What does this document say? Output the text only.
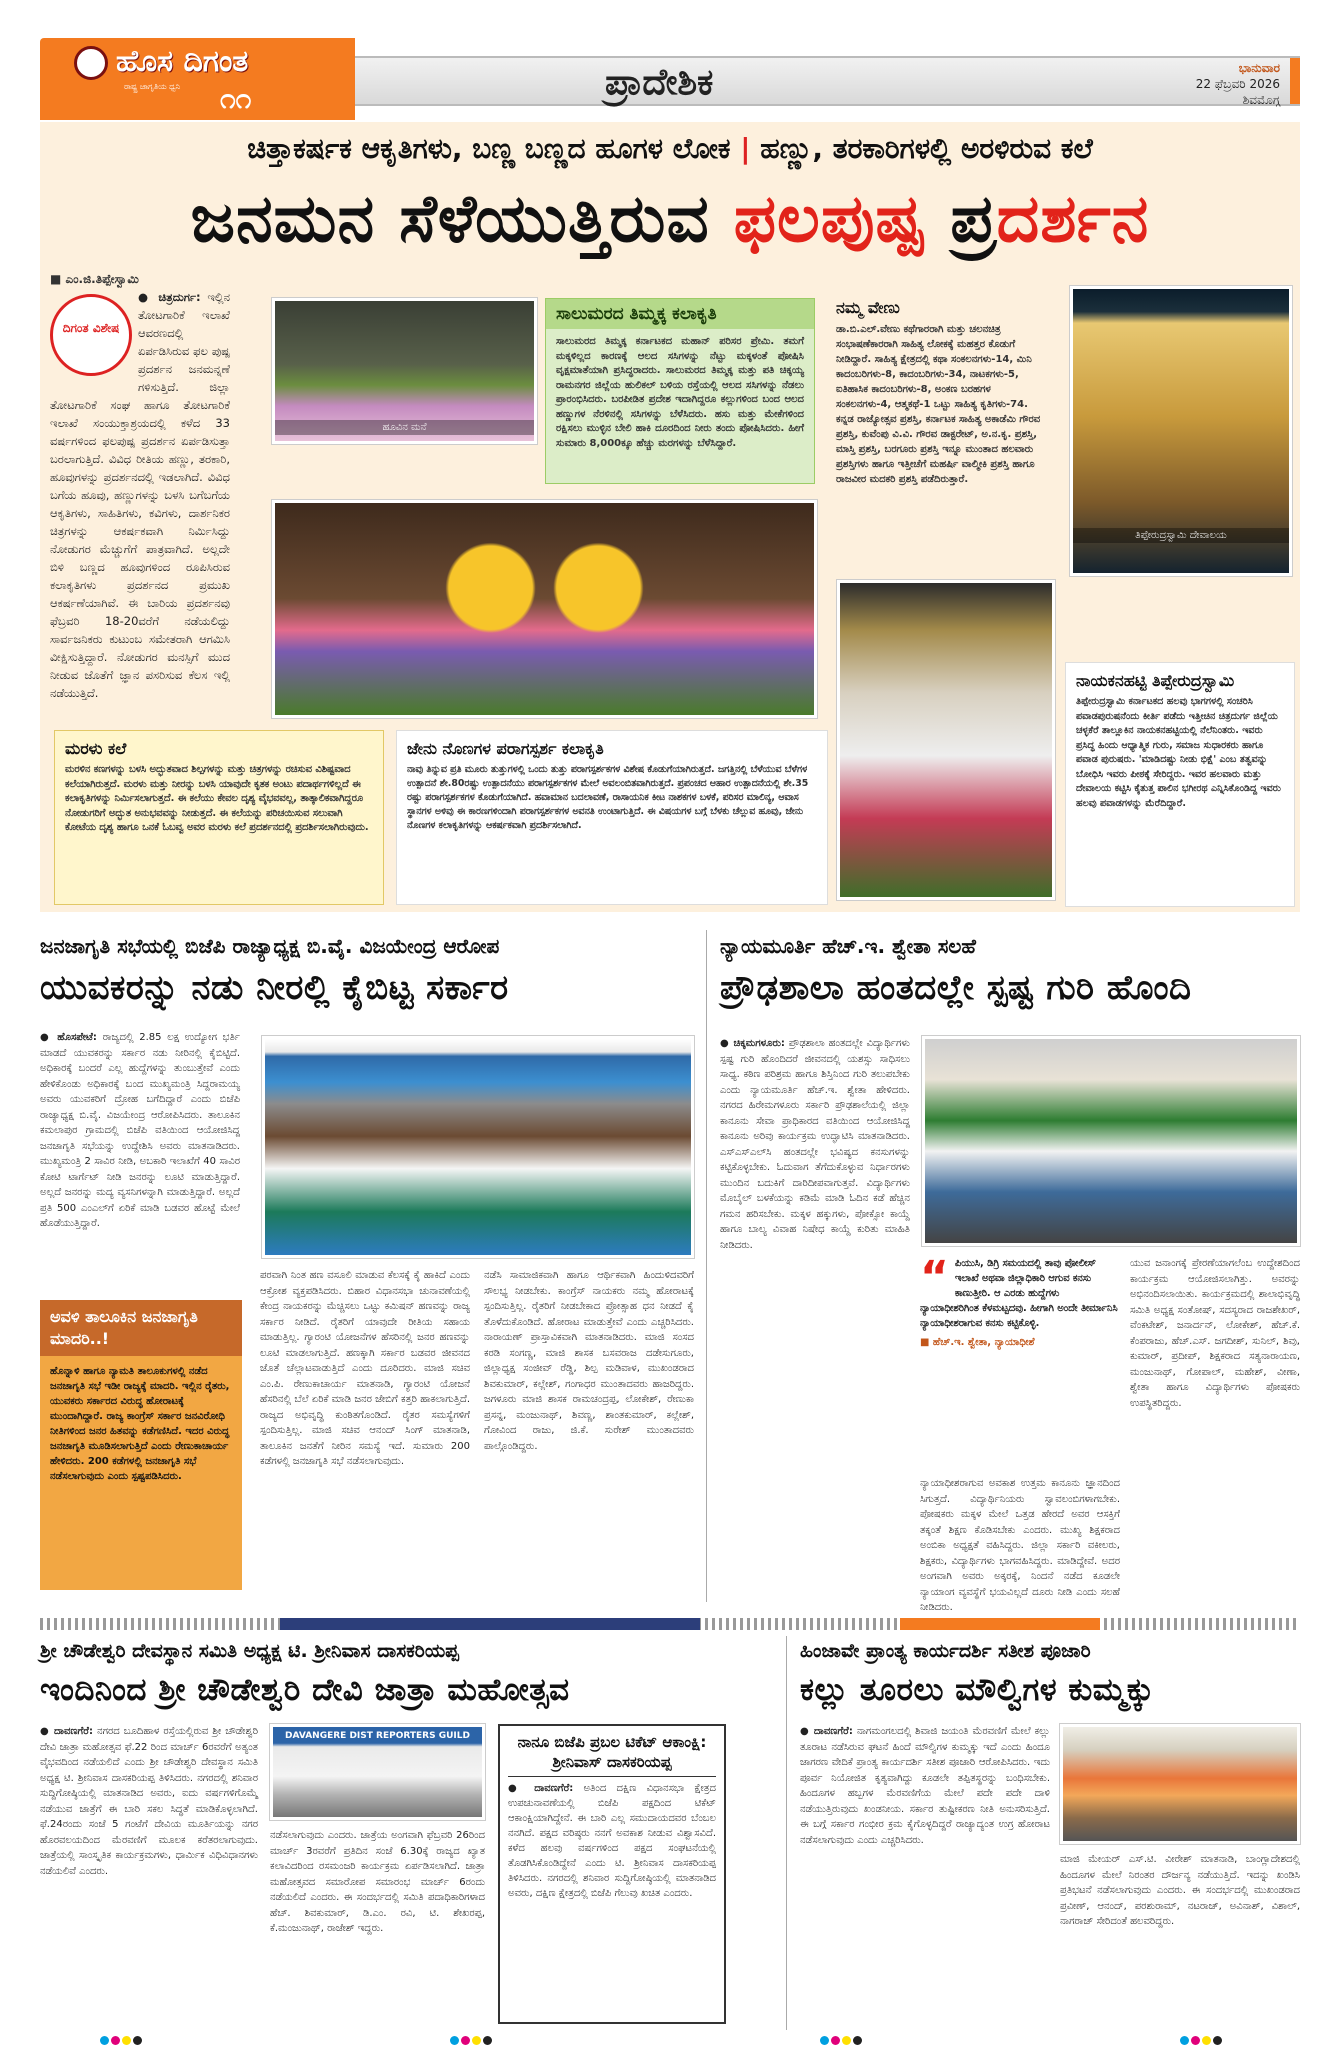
ಹೊಸ ದಿಗಂತ
ರಾಷ್ಟ್ರ ಜಾಗೃತಿಯ ಧ್ವನಿ ೧೧	ಪ್ರಾದೇಶಿಕ	ಭಾನುವಾರ
22 ಫೆಬ್ರವರಿ 2026
ಶಿವಮೊಗ್ಗ
ಚಿತ್ತಾಕರ್ಷಕ ಆಕೃತಿಗಳು, ಬಣ್ಣ ಬಣ್ಣದ ಹೂಗಳ ಲೋಕ | ಹಣ್ಣು, ತರಕಾರಿಗಳಲ್ಲಿ ಅರಳಿರುವ ಕಲೆ
ಜನಮನ ಸೆಳೆಯುತ್ತಿರುವ ಫಲಪುಷ್ಪ ಪ್ರದರ್ಶನ
■ ಎಂ.ಜಿ.ತಿಪ್ಪೇಸ್ವಾಮಿ
ದಿಗಂತ ವಿಶೇಷ
● ಚಿತ್ರದುರ್ಗ: ಇಲ್ಲಿನ ತೋಟಗಾರಿಕೆ ಇಲಾಖೆ ಆವರಣದಲ್ಲಿ ಏರ್ಪಡಿಸಿರುವ ಫಲ ಪುಷ್ಪ ಪ್ರದರ್ಶನ ಜನಮನ್ನಣೆ ಗಳಿಸುತ್ತಿದೆ. ಜಿಲ್ಲಾ ತೋಟಗಾರಿಕೆ ಸಂಘ ಹಾಗೂ ತೋಟಗಾರಿಕೆ ಇಲಾಖೆ ಸಂಯುಕ್ತಾಶ್ರಯದಲ್ಲಿ ಕಳೆದ 33 ವರ್ಷಗಳಿಂದ ಫಲಪುಷ್ಪ ಪ್ರದರ್ಶನ ಏರ್ಪಡಿಸುತ್ತಾ ಬರಲಾಗುತ್ತಿದೆ. ವಿವಿಧ ರೀತಿಯ ಹಣ್ಣು, ತರಕಾರಿ, ಹೂವುಗಳನ್ನು ಪ್ರದರ್ಶನದಲ್ಲಿ ಇಡಲಾಗಿದೆ. ವಿವಿಧ ಬಗೆಯ ಹೂವು, ಹಣ್ಣುಗಳನ್ನು ಬಳಸಿ ಬಗೆಬಗೆಯ ಆಕೃತಿಗಳು, ಸಾಹಿತಿಗಳು, ಕವಿಗಳು, ದಾರ್ಶನಿಕರ ಚಿತ್ರಗಳನ್ನು ಆಕರ್ಷಕವಾಗಿ ನಿರ್ಮಿಸಿದ್ದು ನೋಡುಗರ ಮೆಚ್ಚುಗೆಗೆ ಪಾತ್ರವಾಗಿದೆ. ಅಲ್ಲದೇ ಬಿಳಿ ಬಣ್ಣದ ಹೂವುಗಳಿಂದ ರೂಪಿಸಿರುವ ಕಲಾಕೃತಿಗಳು ಪ್ರದರ್ಶನದ ಪ್ರಮುಖ ಆಕರ್ಷಣೆಯಾಗಿವೆ. ಈ ಬಾರಿಯ ಪ್ರದರ್ಶನವು ಫೆಬ್ರವರಿ 18-20ವರೆಗೆ ನಡೆಯಲಿದ್ದು ಸಾರ್ವಜನಿಕರು ಕುಟುಂಬ ಸಮೇತರಾಗಿ ಆಗಮಿಸಿ ವೀಕ್ಷಿಸುತ್ತಿದ್ದಾರೆ. ನೋಡುಗರ ಮನಸ್ಸಿಗೆ ಮುದ ನೀಡುವ ಜೊತೆಗೆ ಜ್ಞಾನ ಪಸರಿಸುವ ಕೆಲಸ ಇಲ್ಲಿ ನಡೆಯುತ್ತಿದೆ.
ಹೂವಿನ ಮನೆ
ಸಾಲುಮರದ ತಿಮ್ಮಕ್ಕ ಕಲಾಕೃತಿ
ಸಾಲುಮರದ ತಿಮ್ಮಕ್ಕ ಕರ್ನಾಟಕದ ಮಹಾನ್ ಪರಿಸರ ಪ್ರೇಮಿ. ತಮಗೆ ಮಕ್ಕಳಿಲ್ಲದ ಕಾರಣಕ್ಕೆ ಆಲದ ಸಸಿಗಳನ್ನು ನೆಟ್ಟು ಮಕ್ಕಳಂತೆ ಪೋಷಿಸಿ ವೃಕ್ಷಮಾತೆಯಾಗಿ ಪ್ರಸಿದ್ಧರಾದರು. ಸಾಲುಮರದ ತಿಮ್ಮಕ್ಕ ಮತ್ತು ಪತಿ ಚಿಕ್ಕಯ್ಯ ರಾಮನಗರ ಜಿಲ್ಲೆಯ ಹುಲಿಕಲ್ ಬಳಿಯ ರಸ್ತೆಯಲ್ಲಿ ಆಲದ ಸಸಿಗಳನ್ನು ನೆಡಲು ಪ್ರಾರಂಭಿಸಿದರು. ಬರಪೀಡಿತ ಪ್ರದೇಶ ಇದಾಗಿದ್ದರೂ ಕಲ್ಲುಗಳಿಂದ ಬಂದ ಆಲದ ಹಣ್ಣುಗಳ ನೆರಳಿನಲ್ಲಿ ಸಸಿಗಳನ್ನು ಬೆಳೆಸಿದರು. ಹಸು ಮತ್ತು ಮೇಕೆಗಳಿಂದ ರಕ್ಷಿಸಲು ಮುಳ್ಳಿನ ಬೇಲಿ ಹಾಕಿ ದೂರದಿಂದ ನೀರು ತಂದು ಪೋಷಿಸಿದರು. ಹೀಗೆ ಸುಮಾರು 8,000ಕ್ಕೂ ಹೆಚ್ಚು ಮರಗಳನ್ನು ಬೆಳೆಸಿದ್ದಾರೆ.
ನಮ್ಮ ವೇಣು
ಡಾ.ಬಿ.ಎಲ್.ವೇಣು ಕಥೆಗಾರರಾಗಿ ಮತ್ತು ಚಲನಚಿತ್ರ ಸಂಭಾಷಣೆಕಾರರಾಗಿ ಸಾಹಿತ್ಯ ಲೋಕಕ್ಕೆ ಮಹತ್ತರ ಕೊಡುಗೆ ನೀಡಿದ್ದಾರೆ. ಸಾಹಿತ್ಯ ಕ್ಷೇತ್ರದಲ್ಲಿ ಕಥಾ ಸಂಕಲನಗಳು-14, ಮಿನಿ ಕಾದಂಬರಿಗಳು-8, ಕಾದಂಬರಿಗಳು-34, ನಾಟಕಗಳು-5, ಐತಿಹಾಸಿಕ ಕಾದಂಬರಿಗಳು-8, ಅಂಕಣ ಬರಹಗಳ ಸಂಕಲನಗಳು-4, ಆತ್ಮಕಥೆ-1 ಒಟ್ಟು ಸಾಹಿತ್ಯ ಕೃತಿಗಳು-74. ಕನ್ನಡ ರಾಜ್ಯೋತ್ಸವ ಪ್ರಶಸ್ತಿ, ಕರ್ನಾಟಕ ಸಾಹಿತ್ಯ ಅಕಾಡೆಮಿ ಗೌರವ ಪ್ರಶಸ್ತಿ, ಕುವೆಂಪು ವಿ.ವಿ. ಗೌರವ ಡಾಕ್ಟರೇಟ್, ಅ.ನ.ಕೃ. ಪ್ರಶಸ್ತಿ, ಮಾಸ್ತಿ ಪ್ರಶಸ್ತಿ, ಬರಗೂರು ಪ್ರಶಸ್ತಿ ಇನ್ನೂ ಮುಂತಾದ ಹಲವಾರು ಪ್ರಶಸ್ತಿಗಳು ಹಾಗೂ ಇತ್ತೀಚೆಗೆ ಮಹರ್ಷಿ ವಾಲ್ಮೀಕಿ ಪ್ರಶಸ್ತಿ ಹಾಗೂ ರಾಜವೀರ ಮದಕರಿ ಪ್ರಶಸ್ತಿ ಪಡೆದಿರುತ್ತಾರೆ.
ತಿಪ್ಪೇರುದ್ರಸ್ವಾಮಿ ದೇವಾಲಯ
ನಾಯಕನಹಟ್ಟಿ ತಿಪ್ಪೇರುದ್ರಸ್ವಾಮಿ
ತಿಪ್ಪೇರುದ್ರಸ್ವಾಮಿ ಕರ್ನಾಟಕದ ಹಲವು ಭಾಗಗಳಲ್ಲಿ ಸಂಚರಿಸಿ ಪವಾಡಪುರುಷನೆಂದು ಕೀರ್ತಿ ಪಡೆದು ಇತ್ತೀಚಿನ ಚಿತ್ರದುರ್ಗ ಜಿಲ್ಲೆಯ ಚಳ್ಳಕೆರೆ ತಾಲ್ಲೂಕಿನ ನಾಯಕನಹಟ್ಟಿಯಲ್ಲಿ ನೆಲೆನಿಂತರು. ಇವರು ಪ್ರಸಿದ್ಧ ಹಿಂದು ಆಧ್ಯಾತ್ಮಿಕ ಗುರು, ಸಮಾಜ ಸುಧಾರಕರು ಹಾಗೂ ಪವಾಡ ಪುರುಷರು. 'ಮಾಡಿದಷ್ಟು ನೀಡು ಭಿಕ್ಷೆ' ಎಂಬ ತತ್ವವನ್ನು ಬೋಧಿಸಿ ಇವರು ಪೀಠಕ್ಕೆ ಸೇರಿದ್ದರು. ಇವರ ಹಲವಾರು ಮತ್ತು ದೇವಾಲಯ ಕಟ್ಟಿಸಿ ಕೈತುತ್ತ ಪಾಲಿನ ಭಗೀರಥ ಎನ್ನಿಸಿಕೊಂಡಿದ್ದ ಇವರು ಹಲವು ಪವಾಡಗಳನ್ನು ಮೆರೆದಿದ್ದಾರೆ.
ಮರಳು ಕಲೆ
ಮರಳಿನ ಕಣಗಳನ್ನು ಬಳಸಿ ಅದ್ಭುತವಾದ ಶಿಲ್ಪಗಳನ್ನು ಮತ್ತು ಚಿತ್ರಗಳನ್ನು ರಚಿಸುವ ವಿಶಿಷ್ಟವಾದ ಕಲೆಯಾಗಿರುತ್ತದೆ. ಮರಳು ಮತ್ತು ನೀರನ್ನು ಬಳಸಿ ಯಾವುದೇ ಕೃತಕ ಅಂಟು ಪದಾರ್ಥಗಳಿಲ್ಲದೆ ಈ ಕಲಾಕೃತಿಗಳನ್ನು ನಿರ್ಮಿಸಲಾಗುತ್ತದೆ. ಈ ಕಲೆಯು ಕೇವಲ ದೃಶ್ಯ ವೈಭವವಲ್ಲ, ತಾತ್ಕಾಲಿಕವಾಗಿದ್ದರೂ ನೋಡುಗರಿಗೆ ಅದ್ಭುತ ಅನುಭವವನ್ನು ನೀಡುತ್ತದೆ. ಈ ಕಲೆಯನ್ನು ಪರಿಚಯಿಸುವ ಸಲುವಾಗಿ ಕೋಟೆಯ ದೃಶ್ಯ ಹಾಗೂ ಒನಕೆ ಓಬವ್ವ ಅವರ ಮರಳು ಕಲೆ ಪ್ರದರ್ಶನದಲ್ಲಿ ಪ್ರದರ್ಶಿಸಲಾಗಿರುವುದು.
ಜೇನು ನೊಣಗಳ ಪರಾಗಸ್ಪರ್ಶ ಕಲಾಕೃತಿ
ನಾವು ತಿನ್ನುವ ಪ್ರತಿ ಮೂರು ತುತ್ತುಗಳಲ್ಲಿ ಒಂದು ತುತ್ತು ಪರಾಗಸ್ಪರ್ಶಕಗಳ ವಿಶೇಷ ಕೊಡುಗೆಯಾಗಿರುತ್ತದೆ. ಜಗತ್ತಿನಲ್ಲಿ ಬೆಳೆಯುವ ಬೆಳೆಗಳ ಉತ್ಪಾದನೆ ಶೇ.80ರಷ್ಟು ಉತ್ಪಾದನೆಯು ಪರಾಗಸ್ಪರ್ಶಕಗಳ ಮೇಲೆ ಅವಲಂಬಿತವಾಗಿರುತ್ತದೆ. ಪ್ರಪಂಚದ ಆಹಾರ ಉತ್ಪಾದನೆಯಲ್ಲಿ ಶೇ.35 ರಷ್ಟು ಪರಾಗಸ್ಪರ್ಶಕಗಳ ಕೊಡುಗೆಯಾಗಿದೆ. ಹವಾಮಾನ ಬದಲಾವಣೆ, ರಾಸಾಯನಿಕ ಕೀಟ ನಾಶಕಗಳ ಬಳಕೆ, ಪರಿಸರ ಮಾಲಿನ್ಯ, ಆವಾಸ ಸ್ಥಾನಗಳ ಅಳಿವು ಈ ಕಾರಣಗಳಿಂದಾಗಿ ಪರಾಗಸ್ಪರ್ಶಕಗಳ ಅವನತಿ ಉಂಟಾಗುತ್ತಿದೆ. ಈ ವಿಷಯಗಳ ಬಗ್ಗೆ ಬೆಳಕು ಚೆಲ್ಲುವ ಹೂವು, ಜೇನು ನೊಣಗಳ ಕಲಾಕೃತಿಗಳನ್ನು ಆಕರ್ಷಕವಾಗಿ ಪ್ರದರ್ಶಿಸಲಾಗಿದೆ.
ಜನಜಾಗೃತಿ ಸಭೆಯಲ್ಲಿ ಬಿಜೆಪಿ ರಾಜ್ಯಾಧ್ಯಕ್ಷ ಬಿ.ವೈ. ವಿಜಯೇಂದ್ರ ಆರೋಪ
ಯುವಕರನ್ನು ನಡು ನೀರಲ್ಲಿ ಕೈಬಿಟ್ಟ ಸರ್ಕಾರ
● ಹೊಸಪೇಟೆ: ರಾಜ್ಯದಲ್ಲಿ 2.85 ಲಕ್ಷ ಉದ್ಯೋಗ ಭರ್ತಿ ಮಾಡದೆ ಯುವಕರನ್ನು ಸರ್ಕಾರ ನಡು ನೀರಿನಲ್ಲಿ ಕೈಬಿಟ್ಟಿದೆ. ಅಧಿಕಾರಕ್ಕೆ ಬಂದರೆ ಎಲ್ಲ ಹುದ್ದೆಗಳನ್ನು ತುಂಬುತ್ತೇವೆ ಎಂದು ಹೇಳಿಕೊಂಡು ಅಧಿಕಾರಕ್ಕೆ ಬಂದ ಮುಖ್ಯಮಂತ್ರಿ ಸಿದ್ದರಾಮಯ್ಯ ಅವರು ಯುವಕರಿಗೆ ದ್ರೋಹ ಬಗೆದಿದ್ದಾರೆ ಎಂದು ಬಿಜೆಪಿ ರಾಜ್ಯಾಧ್ಯಕ್ಷ ಬಿ.ವೈ. ವಿಜಯೇಂದ್ರ ಆರೋಪಿಸಿದರು. ತಾಲೂಕಿನ ಕಮಲಾಪುರ ಗ್ರಾಮದಲ್ಲಿ ಬಿಜೆಪಿ ವತಿಯಿಂದ ಆಯೋಜಿಸಿದ್ದ ಜನಜಾಗೃತಿ ಸಭೆಯನ್ನು ಉದ್ದೇಶಿಸಿ ಅವರು ಮಾತನಾಡಿದರು. ಮುಖ್ಯಮಂತ್ರಿ 2 ಸಾವಿರ ನೀಡಿ, ಅಬಕಾರಿ ಇಲಾಖೆಗೆ 40 ಸಾವಿರ ಕೋಟಿ ಟಾರ್ಗೆಟ್ ನೀಡಿ ಜನರನ್ನು ಲೂಟಿ ಮಾಡುತ್ತಿದ್ದಾರೆ. ಅಲ್ಲದೆ ಜನರನ್ನು ಮದ್ಯ ವ್ಯಸನಿಗಳನ್ನಾಗಿ ಮಾಡುತ್ತಿದ್ದಾರೆ. ಅಲ್ಲದೆ ಪ್ರತಿ 500 ಎಂಎಲ್‌ಗೆ ಏರಿಕೆ ಮಾಡಿ ಬಡವರ ಹೊಟ್ಟೆ ಮೇಲೆ ಹೊಡೆಯುತ್ತಿದ್ದಾರೆ.
ಅವಳಿ ತಾಲೂಕಿನ ಜನಜಾಗೃತಿ ಮಾದರಿ..!
ಹೊನ್ನಾಳಿ ಹಾಗೂ ನ್ಯಾಮತಿ ತಾಲೂಕುಗಳಲ್ಲಿ ನಡೆದ ಜನಜಾಗೃತಿ ಸಭೆ ಇಡೀ ರಾಜ್ಯಕ್ಕೆ ಮಾದರಿ. ಇಲ್ಲಿನ ರೈತರು, ಯುವಕರು ಸರ್ಕಾರದ ವಿರುದ್ಧ ಹೋರಾಟಕ್ಕೆ ಮುಂದಾಗಿದ್ದಾರೆ. ರಾಜ್ಯ ಕಾಂಗ್ರೆಸ್ ಸರ್ಕಾರ ಜನವಿರೋಧಿ ನೀತಿಗಳಿಂದ ಜನರ ಹಿತವನ್ನು ಕಡೆಗಣಿಸಿದೆ. ಇದರ ವಿರುದ್ಧ ಜನಜಾಗೃತಿ ಮೂಡಿಸಲಾಗುತ್ತಿದೆ ಎಂದು ರೇಣುಕಾಚಾರ್ಯ ಹೇಳಿದರು. 200 ಕಡೆಗಳಲ್ಲಿ ಜನಜಾಗೃತಿ ಸಭೆ ನಡೆಸಲಾಗುವುದು ಎಂದು ಸ್ಪಷ್ಟಪಡಿಸಿದರು.
ಪರವಾಗಿ ನಿಂತ ಹಣ ವಸೂಲಿ ಮಾಡುವ ಕೆಲಸಕ್ಕೆ ಕೈ ಹಾಕಿದೆ ಎಂದು ಆಕ್ರೋಶ ವ್ಯಕ್ತಪಡಿಸಿದರು. ಬಿಹಾರ ವಿಧಾನಸಭಾ ಚುನಾವಣೆಯಲ್ಲಿ ಕೇಂದ್ರ ನಾಯಕರನ್ನು ಮೆಚ್ಚಿಸಲು ಒಟ್ಟು ಕಮಿಷನ್ ಹಣವನ್ನು ರಾಜ್ಯ ಸರ್ಕಾರ ನೀಡಿದೆ. ರೈತರಿಗೆ ಯಾವುದೇ ರೀತಿಯ ಸಹಾಯ ಮಾಡುತ್ತಿಲ್ಲ. ಗ್ಯಾರಂಟಿ ಯೋಜನೆಗಳ ಹೆಸರಿನಲ್ಲಿ ಜನರ ಹಣವನ್ನು ಲೂಟಿ ಮಾಡಲಾಗುತ್ತಿದೆ. ಹಣಕ್ಕಾಗಿ ಸರ್ಕಾರ ಬಡವರ ಜೀವನದ ಜೊತೆ ಚೆಲ್ಲಾಟವಾಡುತ್ತಿದೆ ಎಂದು ದೂರಿದರು. ಮಾಜಿ ಸಚಿವ ಎಂ.ಪಿ. ರೇಣುಕಾಚಾರ್ಯ ಮಾತನಾಡಿ, ಗ್ಯಾರಂಟಿ ಯೋಜನೆ ಹೆಸರಿನಲ್ಲಿ ಬೆಲೆ ಏರಿಕೆ ಮಾಡಿ ಜನರ ಜೇಬಿಗೆ ಕತ್ತರಿ ಹಾಕಲಾಗುತ್ತಿದೆ. ರಾಜ್ಯದ ಅಭಿವೃದ್ಧಿ ಕುಂಠಿತಗೊಂಡಿದೆ. ರೈತರ ಸಮಸ್ಯೆಗಳಿಗೆ ಸ್ಪಂದಿಸುತ್ತಿಲ್ಲ. ಮಾಜಿ ಸಚಿವ ಆನಂದ್ ಸಿಂಗ್ ಮಾತನಾಡಿ, ತಾಲೂಕಿನ ಜನತೆಗೆ ನೀರಿನ ಸಮಸ್ಯೆ ಇದೆ. ಸುಮಾರು 200 ಕಡೆಗಳಲ್ಲಿ ಜನಜಾಗೃತಿ ಸಭೆ ನಡೆಸಲಾಗುವುದು.
ನಡೆಸಿ ಸಾಮಾಜಿಕವಾಗಿ ಹಾಗೂ ಆರ್ಥಿಕವಾಗಿ ಹಿಂದುಳಿದವರಿಗೆ ಸೌಲಭ್ಯ ನೀಡಬೇಕು. ಕಾಂಗ್ರೆಸ್ ನಾಯಕರು ನಮ್ಮ ಹೋರಾಟಕ್ಕೆ ಸ್ಪಂದಿಸುತ್ತಿಲ್ಲ. ರೈತರಿಗೆ ನೀಡಬೇಕಾದ ಪ್ರೋತ್ಸಾಹ ಧನ ನೀಡದೆ ಕೈ ತೊಳೆದುಕೊಂಡಿದೆ. ಹೋರಾಟ ಮಾಡುತ್ತೇವೆ ಎಂದು ಎಚ್ಚರಿಸಿದರು. ನಾರಾಯಣ್ ಪ್ರಾಸ್ತಾವಿಕವಾಗಿ ಮಾತನಾಡಿದರು. ಮಾಜಿ ಸಂಸದ ಕರಡಿ ಸಂಗಣ್ಣ, ಮಾಜಿ ಶಾಸಕ ಬಸವರಾಜ ದಡೇಸುಗೂರು, ಜಿಲ್ಲಾಧ್ಯಕ್ಷ ಸಂಜೀವ್ ರೆಡ್ಡಿ, ಶಿಲ್ಪ ಮಡಿವಾಳ, ಮುಖಂಡರಾದ ಶಿವಕುಮಾರ್, ಕಲ್ಲೇಶ್, ಗಂಗಾಧರ ಮುಂತಾದವರು ಹಾಜರಿದ್ದರು. ಜಗಳೂರು ಮಾಜಿ ಶಾಸಕ ರಾಮಚಂದ್ರಪ್ಪ, ಲೋಕೇಶ್, ರೇಣುಕಾ ಪ್ರಸನ್ನ, ಮಂಜುನಾಥ್, ಶಿವಣ್ಣ, ಶಾಂತಕುಮಾರ್, ಕಲ್ಲೇಶ್, ಗೋವಿಂದ ರಾಜು, ಜಿ.ಕೆ. ಸುರೇಶ್ ಮುಂತಾದವರು ಪಾಲ್ಗೊಂಡಿದ್ದರು.
ನ್ಯಾಯಮೂರ್ತಿ ಹೆಚ್.ಇ. ಶ್ವೇತಾ ಸಲಹೆ
ಪ್ರೌಢಶಾಲಾ ಹಂತದಲ್ಲೇ ಸ್ಪಷ್ಟ ಗುರಿ ಹೊಂದಿ
● ಚಿಕ್ಕಮಗಳೂರು: ಪ್ರೌಢಶಾಲಾ ಹಂತದಲ್ಲೇ ವಿದ್ಯಾರ್ಥಿಗಳು ಸ್ಪಷ್ಟ ಗುರಿ ಹೊಂದಿದರೆ ಜೀವನದಲ್ಲಿ ಯಶಸ್ಸು ಸಾಧಿಸಲು ಸಾಧ್ಯ. ಕಠಿಣ ಪರಿಶ್ರಮ ಹಾಗೂ ಶಿಸ್ತಿನಿಂದ ಗುರಿ ತಲುಪಬೇಕು ಎಂದು ನ್ಯಾಯಮೂರ್ತಿ ಹೆಚ್.ಇ. ಶ್ವೇತಾ ಹೇಳಿದರು. ನಗರದ ಹಿರೇಮಗಳೂರು ಸರ್ಕಾರಿ ಪ್ರೌಢಶಾಲೆಯಲ್ಲಿ ಜಿಲ್ಲಾ ಕಾನೂನು ಸೇವಾ ಪ್ರಾಧಿಕಾರದ ವತಿಯಿಂದ ಆಯೋಜಿಸಿದ್ದ ಕಾನೂನು ಅರಿವು ಕಾರ್ಯಕ್ರಮ ಉದ್ಘಾಟಿಸಿ ಮಾತನಾಡಿದರು. ಎಸ್‌ಎಸ್‌ಎಲ್‌ಸಿ ಹಂತದಲ್ಲೇ ಭವಿಷ್ಯದ ಕನಸುಗಳನ್ನು ಕಟ್ಟಿಕೊಳ್ಳಬೇಕು. ಓದುವಾಗ ತೆಗೆದುಕೊಳ್ಳುವ ನಿರ್ಧಾರಗಳು ಮುಂದಿನ ಬದುಕಿಗೆ ದಾರಿದೀಪವಾಗುತ್ತವೆ. ವಿದ್ಯಾರ್ಥಿಗಳು ಮೊಬೈಲ್ ಬಳಕೆಯನ್ನು ಕಡಿಮೆ ಮಾಡಿ ಓದಿನ ಕಡೆ ಹೆಚ್ಚಿನ ಗಮನ ಹರಿಸಬೇಕು. ಮಕ್ಕಳ ಹಕ್ಕುಗಳು, ಪೋಕ್ಸೋ ಕಾಯ್ದೆ ಹಾಗೂ ಬಾಲ್ಯ ವಿವಾಹ ನಿಷೇಧ ಕಾಯ್ದೆ ಕುರಿತು ಮಾಹಿತಿ ನೀಡಿದರು.
“ ಪಿಯುಸಿ, ಡಿಗ್ರಿ ಸಮಯದಲ್ಲಿ ತಾವು ಪೋಲೀಸ್ ಇಲಾಖೆ ಅಥವಾ ಜಿಲ್ಲಾಧಿಕಾರಿ ಆಗುವ ಕನಸು ಕಾಣುತ್ತೀರಿ. ಆ ಎರಡು ಹುದ್ದೆಗಳು ನ್ಯಾಯಾಧೀಶರಿಗಿಂತ ಕೆಳಮಟ್ಟದವು. ಹೀಗಾಗಿ ಅಂದೇ ತೀರ್ಮಾನಿಸಿ ನ್ಯಾಯಾಧೀಶರಾಗುವ ಕನಸು ಕಟ್ಟಿಕೊಳ್ಳಿ.
■ ಹೆಚ್.ಇ. ಶ್ವೇತಾ, ನ್ಯಾಯಾಧೀಶೆ
ನ್ಯಾಯಾಧೀಶರಾಗುವ ಅವಕಾಶ ಉತ್ತಮ ಕಾನೂನು ಜ್ಞಾನದಿಂದ ಸಿಗುತ್ತದೆ. ವಿದ್ಯಾರ್ಥಿನಿಯರು ಸ್ವಾವಲಂಬಿಗಳಾಗಬೇಕು. ಪೋಷಕರು ಮಕ್ಕಳ ಮೇಲೆ ಒತ್ತಡ ಹೇರದೆ ಅವರ ಆಸಕ್ತಿಗೆ ತಕ್ಕಂತೆ ಶಿಕ್ಷಣ ಕೊಡಿಸಬೇಕು ಎಂದರು. ಮುಖ್ಯ ಶಿಕ್ಷಕರಾದ ಅಂಬಿಕಾ ಅಧ್ಯಕ್ಷತೆ ವಹಿಸಿದ್ದರು. ಜಿಲ್ಲಾ ಸರ್ಕಾರಿ ವಕೀಲರು, ಶಿಕ್ಷಕರು, ವಿದ್ಯಾರ್ಥಿಗಳು ಭಾಗವಹಿಸಿದ್ದರು. ಮಾಡಿದ್ದೇವೆ. ಅದರ ಅಂಗವಾಗಿ ಅವರು ಅಕ್ಕರಕ್ಕೆ, ನಿಂದನೆ ನಡೆದ ಕೂಡಲೇ ನ್ಯಾಯಾಂಗ ವ್ಯವಸ್ಥೆಗೆ ಭಯವಿಲ್ಲದೆ ದೂರು ನೀಡಿ ಎಂದು ಸಲಹೆ ನೀಡಿದರು.
ಯುವ ಜನಾಂಗಕ್ಕೆ ಪ್ರೇರಣೆಯಾಗಲೆಂಬ ಉದ್ದೇಶದಿಂದ ಕಾರ್ಯಕ್ರಮ ಆಯೋಜಿಸಲಾಗಿತ್ತು. ಅವರನ್ನು ಅಭಿನಂದಿಸಲಾಯಿತು. ಕಾರ್ಯಕ್ರಮದಲ್ಲಿ ಶಾಲಾಭಿವೃದ್ಧಿ ಸಮಿತಿ ಅಧ್ಯಕ್ಷ ಸಂತೋಷ್, ಸದಸ್ಯರಾದ ರಾಜಶೇಖರ್, ವೆಂಕಟೇಶ್, ಜನಾರ್ದನ್, ಲೋಕೇಶ್, ಹೆಚ್.ಕೆ. ಕೆಂಪರಾಜು, ಹೆಚ್.ಎಸ್. ಜಗದೀಶ್, ಸುನಿಲ್, ಶಿವು, ಕುಮಾರ್, ಪ್ರದೀಪ್, ಶಿಕ್ಷಕರಾದ ಸತ್ಯನಾರಾಯಣ, ಮಂಜುನಾಥ್, ಗೋಪಾಲ್, ಮಹೇಶ್, ವೀಣಾ, ಶ್ವೇತಾ ಹಾಗೂ ವಿದ್ಯಾರ್ಥಿಗಳು ಪೋಷಕರು ಉಪಸ್ಥಿತರಿದ್ದರು.
ಶ್ರೀ ಚೌಡೇಶ್ವರಿ ದೇವಸ್ಥಾನ ಸಮಿತಿ ಅಧ್ಯಕ್ಷ ಟಿ. ಶ್ರೀನಿವಾಸ ದಾಸಕರಿಯಪ್ಪ
ಇಂದಿನಿಂದ ಶ್ರೀ ಚೌಡೇಶ್ವರಿ ದೇವಿ ಜಾತ್ರಾ ಮಹೋತ್ಸವ
● ದಾವಣಗೆರೆ: ನಗರದ ಬೂದಿಹಾಳ ರಸ್ತೆಯಲ್ಲಿರುವ ಶ್ರೀ ಚೌಡೇಶ್ವರಿ ದೇವಿ ಜಾತ್ರಾ ಮಹೋತ್ಸವ ಫೆ.22 ರಿಂದ ಮಾರ್ಚ್ 6ರವರೆಗೆ ಅತ್ಯಂತ ವೈಭವದಿಂದ ನಡೆಯಲಿದೆ ಎಂದು ಶ್ರೀ ಚೌಡೇಶ್ವರಿ ದೇವಸ್ಥಾನ ಸಮಿತಿ ಅಧ್ಯಕ್ಷ ಟಿ. ಶ್ರೀನಿವಾಸ ದಾಸಕರಿಯಪ್ಪ ತಿಳಿಸಿದರು. ನಗರದಲ್ಲಿ ಶನಿವಾರ ಸುದ್ದಿಗೋಷ್ಠಿಯಲ್ಲಿ ಮಾತನಾಡಿದ ಅವರು, ಐದು ವರ್ಷಗಳಿಗೊಮ್ಮೆ ನಡೆಯುವ ಜಾತ್ರೆಗೆ ಈ ಬಾರಿ ಸಕಲ ಸಿದ್ಧತೆ ಮಾಡಿಕೊಳ್ಳಲಾಗಿದೆ. ಫೆ.24ರಂದು ಸಂಜೆ 5 ಗಂಟೆಗೆ ದೇವಿಯ ಮೂರ್ತಿಯನ್ನು ನಗರ ಹೊರವಲಯದಿಂದ ಮೆರವಣಿಗೆ ಮೂಲಕ ಕರೆತರಲಾಗುವುದು. ಜಾತ್ರೆಯಲ್ಲಿ ಸಾಂಸ್ಕೃತಿಕ ಕಾರ್ಯಕ್ರಮಗಳು, ಧಾರ್ಮಿಕ ವಿಧಿವಿಧಾನಗಳು ನಡೆಯಲಿವೆ ಎಂದರು.
DAVANGERE DIST REPORTERS GUILD
ನಡೆಸಲಾಗುವುದು ಎಂದರು. ಜಾತ್ರೆಯ ಅಂಗವಾಗಿ ಫೆಬ್ರವರಿ 26ರಿಂದ ಮಾರ್ಚ್ 3ರವರೆಗೆ ಪ್ರತಿದಿನ ಸಂಜೆ 6.30ಕ್ಕೆ ರಾಜ್ಯದ ಖ್ಯಾತ ಕಲಾವಿದರಿಂದ ರಸಮಂಜರಿ ಕಾರ್ಯಕ್ರಮ ಏರ್ಪಡಿಸಲಾಗಿದೆ. ಜಾತ್ರಾ ಮಹೋತ್ಸವದ ಸಮಾರೋಪ ಸಮಾರಂಭ ಮಾರ್ಚ್ 6ರಂದು ನಡೆಯಲಿದೆ ಎಂದರು. ಈ ಸಂದರ್ಭದಲ್ಲಿ ಸಮಿತಿ ಪದಾಧಿಕಾರಿಗಳಾದ ಹೆಚ್. ಶಿವಕುಮಾರ್, ಡಿ.ಎಂ. ರವಿ, ಟಿ. ಶೇಖರಪ್ಪ, ಕೆ.ಮಂಜುನಾಥ್, ರಾಜೇಶ್ ಇದ್ದರು.
ನಾನೂ ಬಿಜೆಪಿ ಪ್ರಬಲ ಟಿಕೆಟ್ ಆಕಾಂಕ್ಷಿ: ಶ್ರೀನಿವಾಸ್ ದಾಸಕರಿಯಪ್ಪ
● ದಾವಣಗೆರೆ: ಅತಿಂದ ದಕ್ಷಿಣ ವಿಧಾನಸಭಾ ಕ್ಷೇತ್ರದ ಉಪಚುನಾವಣೆಯಲ್ಲಿ ಬಿಜೆಪಿ ಪಕ್ಷದಿಂದ ಟಿಕೆಟ್ ಆಕಾಂಕ್ಷಿಯಾಗಿದ್ದೇನೆ. ಈ ಬಾರಿ ಎಲ್ಲ ಸಮುದಾಯದವರ ಬೆಂಬಲ ನನಗಿದೆ. ಪಕ್ಷದ ವರಿಷ್ಠರು ನನಗೆ ಅವಕಾಶ ನೀಡುವ ವಿಶ್ವಾಸವಿದೆ. ಕಳೆದ ಹಲವು ವರ್ಷಗಳಿಂದ ಪಕ್ಷದ ಸಂಘಟನೆಯಲ್ಲಿ ತೊಡಗಿಸಿಕೊಂಡಿದ್ದೇನೆ ಎಂದು ಟಿ. ಶ್ರೀನಿವಾಸ ದಾಸಕರಿಯಪ್ಪ ತಿಳಿಸಿದರು. ನಗರದಲ್ಲಿ ಶನಿವಾರ ಸುದ್ದಿಗೋಷ್ಠಿಯಲ್ಲಿ ಮಾತನಾಡಿದ ಅವರು, ದಕ್ಷಿಣ ಕ್ಷೇತ್ರದಲ್ಲಿ ಬಿಜೆಪಿ ಗೆಲುವು ಖಚಿತ ಎಂದರು.
ಹಿಂಜಾವೇ ಪ್ರಾಂತ್ಯ ಕಾರ್ಯದರ್ಶಿ ಸತೀಶ ಪೂಜಾರಿ
ಕಲ್ಲು ತೂರಲು ಮೌಲ್ವಿಗಳ ಕುಮ್ಮಕ್ಕು
● ದಾವಣಗೆರೆ: ನಾಗಮಂಗಲದಲ್ಲಿ ಶಿವಾಜಿ ಜಯಂತಿ ಮೆರವಣಿಗೆ ಮೇಲೆ ಕಲ್ಲು ತೂರಾಟ ನಡೆಸಿರುವ ಘಟನೆ ಹಿಂದೆ ಮೌಲ್ವಿಗಳ ಕುಮ್ಮಕ್ಕು ಇದೆ ಎಂದು ಹಿಂದೂ ಜಾಗರಣ ವೇದಿಕೆ ಪ್ರಾಂತ್ಯ ಕಾರ್ಯದರ್ಶಿ ಸತೀಶ ಪೂಜಾರಿ ಆರೋಪಿಸಿದರು. ಇದು ಪೂರ್ವ ನಿಯೋಜಿತ ಕೃತ್ಯವಾಗಿದ್ದು ಕೂಡಲೇ ತಪ್ಪಿತಸ್ಥರನ್ನು ಬಂಧಿಸಬೇಕು. ಹಿಂದೂಗಳ ಹಬ್ಬಗಳ ಮೆರವಣಿಗೆಯ ಮೇಲೆ ಪದೇ ಪದೇ ದಾಳಿ ನಡೆಯುತ್ತಿರುವುದು ಖಂಡನೀಯ. ಸರ್ಕಾರ ತುಷ್ಟೀಕರಣ ನೀತಿ ಅನುಸರಿಸುತ್ತಿದೆ. ಈ ಬಗ್ಗೆ ಸರ್ಕಾರ ಗಂಭೀರ ಕ್ರಮ ಕೈಗೊಳ್ಳದಿದ್ದರೆ ರಾಜ್ಯಾದ್ಯಂತ ಉಗ್ರ ಹೋರಾಟ ನಡೆಸಲಾಗುವುದು ಎಂದು ಎಚ್ಚರಿಸಿದರು.
ಮಾಜಿ ಮೇಯರ್ ಎಸ್.ಟಿ. ವೀರೇಶ್ ಮಾತನಾಡಿ, ಬಾಂಗ್ಲಾದೇಶದಲ್ಲಿ ಹಿಂದೂಗಳ ಮೇಲೆ ನಿರಂತರ ದೌರ್ಜನ್ಯ ನಡೆಯುತ್ತಿದೆ. ಇದನ್ನು ಖಂಡಿಸಿ ಪ್ರತಿಭಟನೆ ನಡೆಸಲಾಗುವುದು ಎಂದರು. ಈ ಸಂದರ್ಭದಲ್ಲಿ ಮುಖಂಡರಾದ ಪ್ರವೀಣ್, ಆನಂದ್, ಪರಶುರಾಮ್, ನಟರಾಜ್, ಅವಿನಾಶ್, ವಿಶಾಲ್, ನಾಗರಾಜ್ ಸೇರಿದಂತೆ ಹಲವರಿದ್ದರು.
